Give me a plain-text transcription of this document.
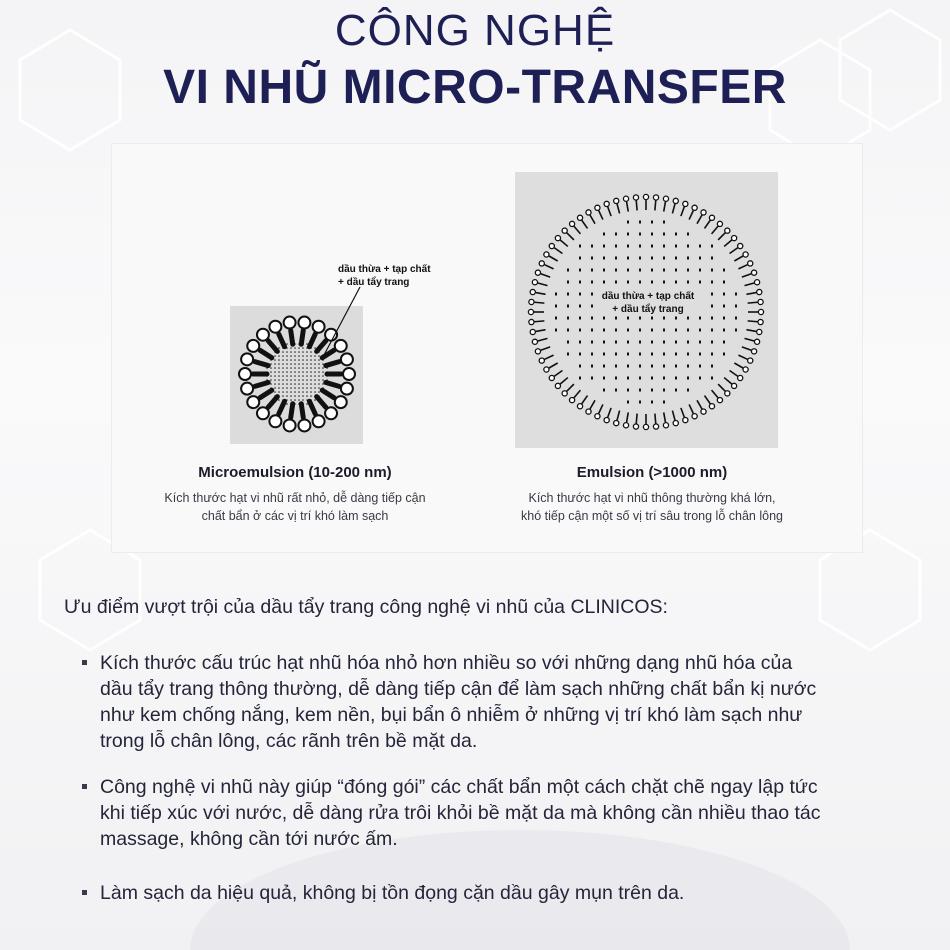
CÔNG NGHỆ
VI NHŨ MICRO-TRANSFER
dầu thừa + tạp chất
+ dầu tẩy trang
dầu thừa + tạp chất
+ dầu tẩy trang
Microemulsion (10-200 nm)
Kích thước hạt vi nhũ rất nhỏ, dễ dàng tiếp cận
chất bẩn ở các vị trí khó làm sạch
Emulsion (>1000 nm)
Kích thước hạt vi nhũ thông thường khá lớn,
khó tiếp cận một số vị trí sâu trong lỗ chân lông
Ưu điểm vượt trội của dầu tẩy trang công nghệ vi nhũ của CLINICOS:
Kích thước cấu trúc hạt nhũ hóa nhỏ hơn nhiều so với những dạng nhũ hóa của
dầu tẩy trang thông thường, dễ dàng tiếp cận để làm sạch những chất bẩn kị nước
như kem chống nắng, kem nền, bụi bẩn ô nhiễm ở những vị trí khó làm sạch như
trong lỗ chân lông, các rãnh trên bề mặt da.
Công nghệ vi nhũ này giúp “đóng gói” các chất bẩn một cách chặt chẽ ngay lập tức
khi tiếp xúc với nước, dễ dàng rửa trôi khỏi bề mặt da mà không cần nhiều thao tác
massage, không cần tới nước ấm.
Làm sạch da hiệu quả, không bị tồn đọng cặn dầu gây mụn trên da.
